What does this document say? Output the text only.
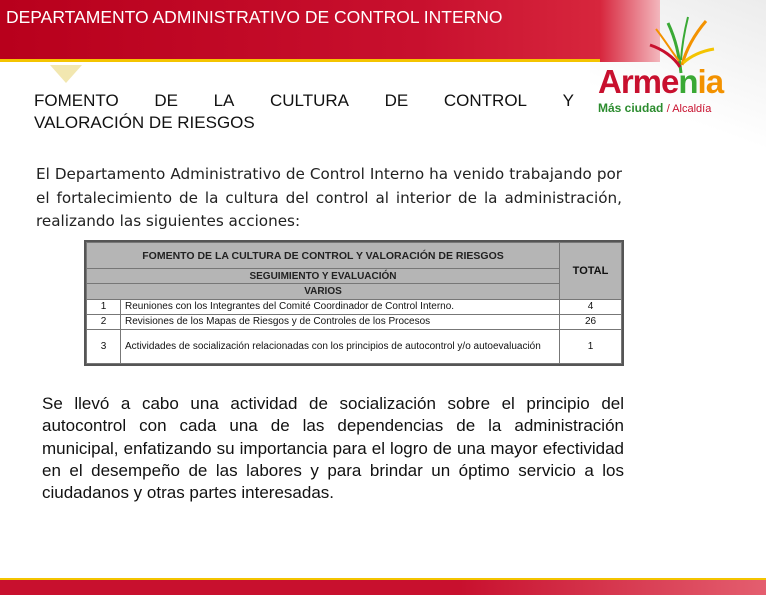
DEPARTAMENTO ADMINISTRATIVO DE CONTROL INTERNO
Armenia
Más ciudad / Alcaldía
FOMENTO DE LA CULTURA DE CONTROL Y
VALORACIÓN DE RIESGOS
El Departamento Administrativo de Control Interno ha venido trabajando por el fortalecimiento de la cultura del control al interior de la administración, realizando las siguientes acciones:
FOMENTO DE LA CULTURA DE CONTROL Y VALORACIÓN DE RIESGOS		TOTAL
SEGUIMIENTO Y EVALUACIÓN		
VARIOS		
1	Reuniones con los Integrantes del Comité Coordinador de Control Interno.	4
2	Revisiones de los Mapas de Riesgos y de Controles de los Procesos	26
3	Actividades de socialización relacionadas con los principios de autocontrol y/o autoevaluación	1
Se llevó a cabo una actividad de socialización sobre el principio del autocontrol con cada una de las dependencias de la administración municipal, enfatizando su importancia para el logro de una mayor efectividad en el desempeño de las labores y para brindar un óptimo servicio a los ciudadanos y otras partes interesadas.
